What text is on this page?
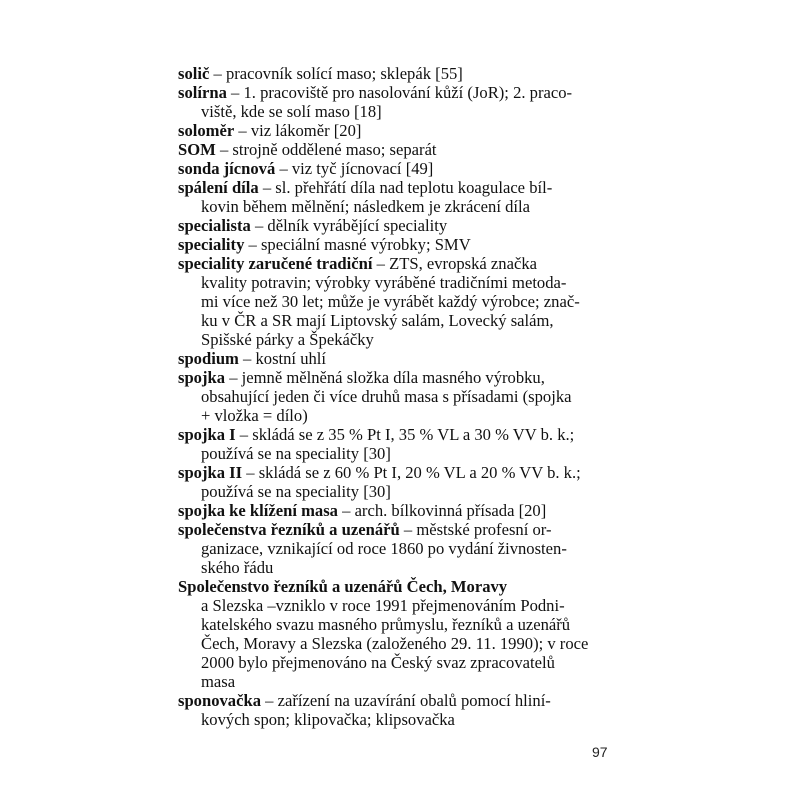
solič – pracovník solící maso; sklepák [55]

solírna – 1. pracoviště pro nasolování kůží (JoR); 2. praco-
viště, kde se solí maso [18]

soloměr – viz lákoměr [20]

SOM – strojně oddělené maso; separát

sonda jícnová – viz tyč jícnovací [49]

spálení díla – sl. přehřátí díla nad teplotu koagulace bíl-
kovin během mělnění; následkem je zkrácení díla

specialista – dělník vyrábějící speciality

speciality – speciální masné výrobky; SMV

speciality zaručené tradiční – ZTS, evropská značka
kvality potravin; výrobky vyráběné tradičními metoda-
mi více než 30 let; může je vyrábět každý výrobce; znač-
ku v ČR a SR mají Liptovský salám, Lovecký salám,
Spišské párky a Špekáčky

spodium – kostní uhlí

spojka – jemně mělněná složka díla masného výrobku,
obsahující jeden či více druhů masa s přísadami (spojka
+ vložka = dílo)

spojka I – skládá se z 35 % Pt I, 35 % VL a 30 % VV b. k.;
používá se na speciality [30]

spojka II – skládá se z 60 % Pt I, 20 % VL a 20 % VV b. k.;
používá se na speciality [30]

spojka ke klížení masa – arch. bílkovinná přísada [20]

společenstva řezníků a uzenářů – městské profesní or-
ganizace, vznikající od roce 1860 po vydání živnosten-
ského řádu

Společenstvo řezníků a uzenářů Čech, Moravy
a Slezska –vzniklo v roce 1991 přejmenováním Podni-
katelského svazu masného průmyslu, řezníků a uzenářů
Čech, Moravy a Slezska (založeného 29. 11. 1990); v roce
2000 bylo přejmenováno na Český svaz zpracovatelů
masa

sponovačka – zařízení na uzavírání obalů pomocí hliní-
kových spon; klipovačka; klipsovačka

97
